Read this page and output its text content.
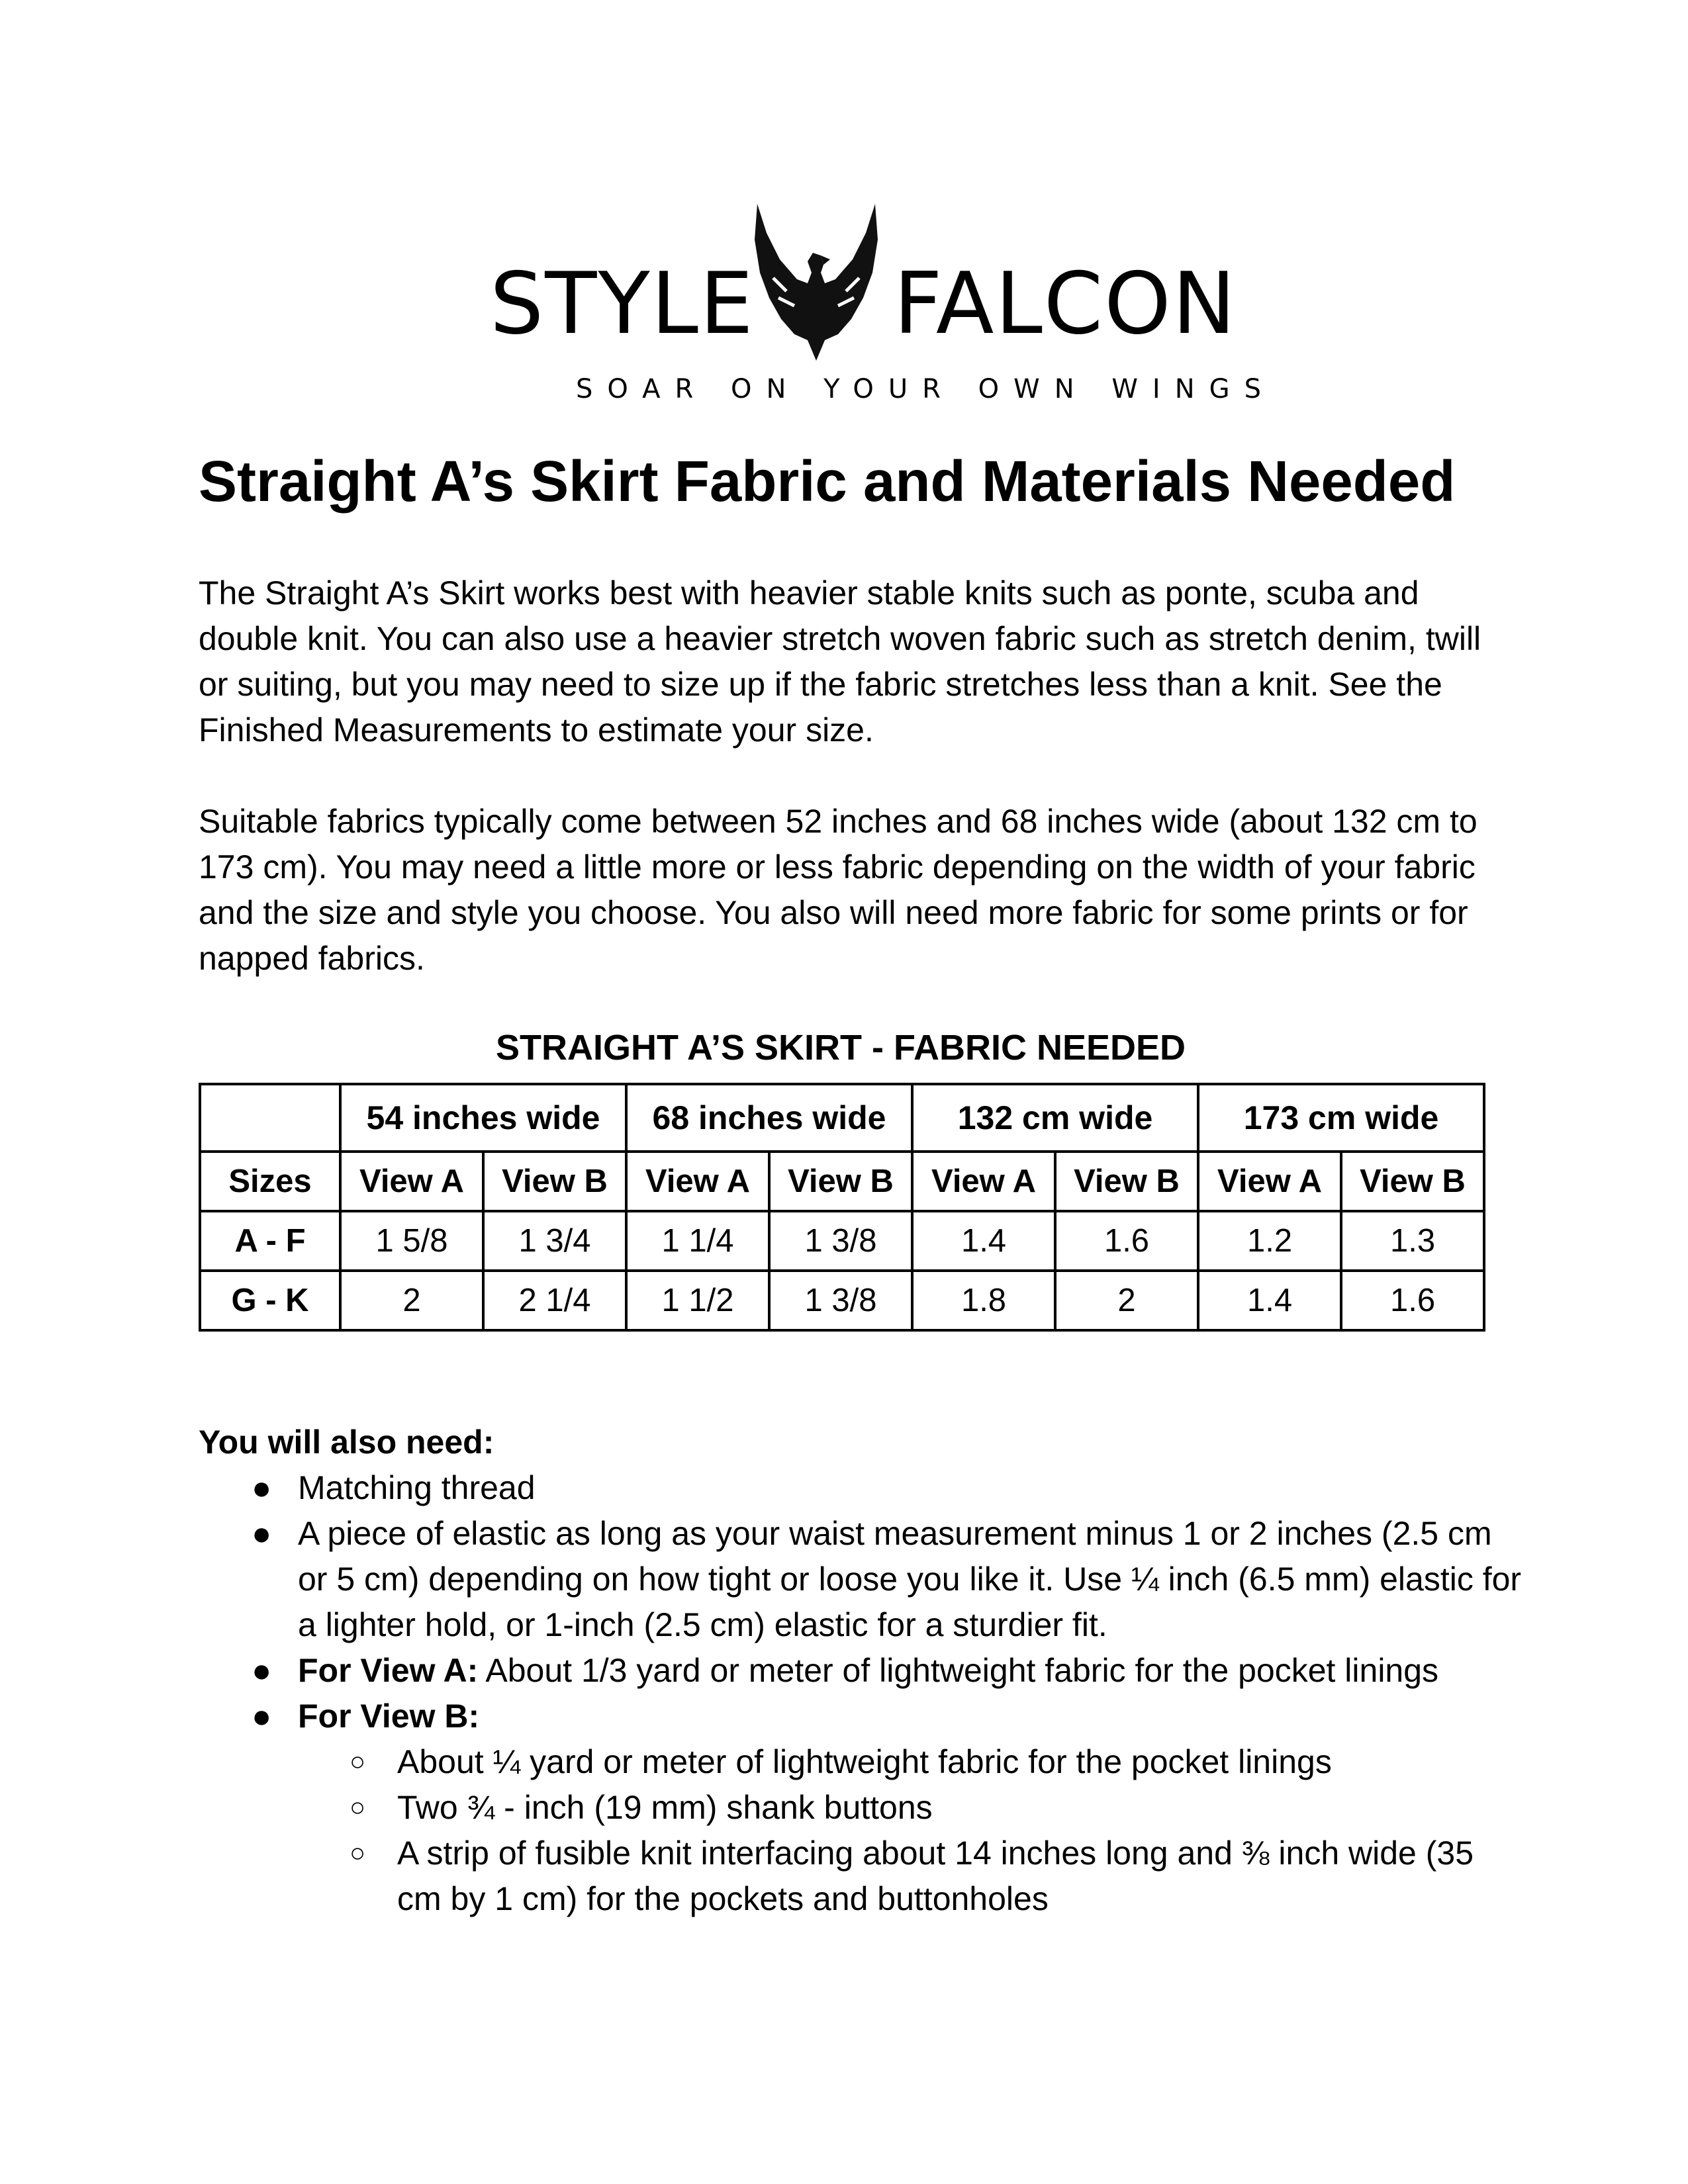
STYLE FALCON
SOAR ON YOUR OWN WINGS
Straight A’s Skirt Fabric and Materials Needed

The Straight A’s Skirt works best with heavier stable knits such as ponte, scuba and double knit. You can also use a heavier stretch woven fabric such as stretch denim, twill or suiting, but you may need to size up if the fabric stretches less than a knit. See the Finished Measurements to estimate your size.

Suitable fabrics typically come between 52 inches and 68 inches wide (about 132 cm to 173 cm). You may need a little more or less fabric depending on the width of your fabric and the size and style you choose. You also will need more fabric for some prints or for napped fabrics.

STRAIGHT A’S SKIRT - FABRIC NEEDED
	54 inches wide		68 inches wide		132 cm wide		173 cm wide	
Sizes	View A	View B	View A	View B	View A	View B	View A	View B
A - F	1 5/8	1 3/4	1 1/4	1 3/8	1.4	1.6	1.2	1.3
G - K	2	2 1/4	1 1/2	1 3/8	1.8	2	1.4	1.6
You will also need:
● Matching thread
● A piece of elastic as long as your waist measurement minus 1 or 2 inches (2.5 cm or 5 cm) depending on how tight or loose you like it. Use ¼ inch (6.5 mm) elastic for a lighter hold, or 1-inch (2.5 cm) elastic for a sturdier fit.
● For View A: About 1/3 yard or meter of lightweight fabric for the pocket linings
● For View B:
○ About ¼ yard or meter of lightweight fabric for the pocket linings
○ Two ¾ - inch (19 mm) shank buttons
○ A strip of fusible knit interfacing about 14 inches long and ⅜ inch wide (35 cm by 1 cm) for the pockets and buttonholes
